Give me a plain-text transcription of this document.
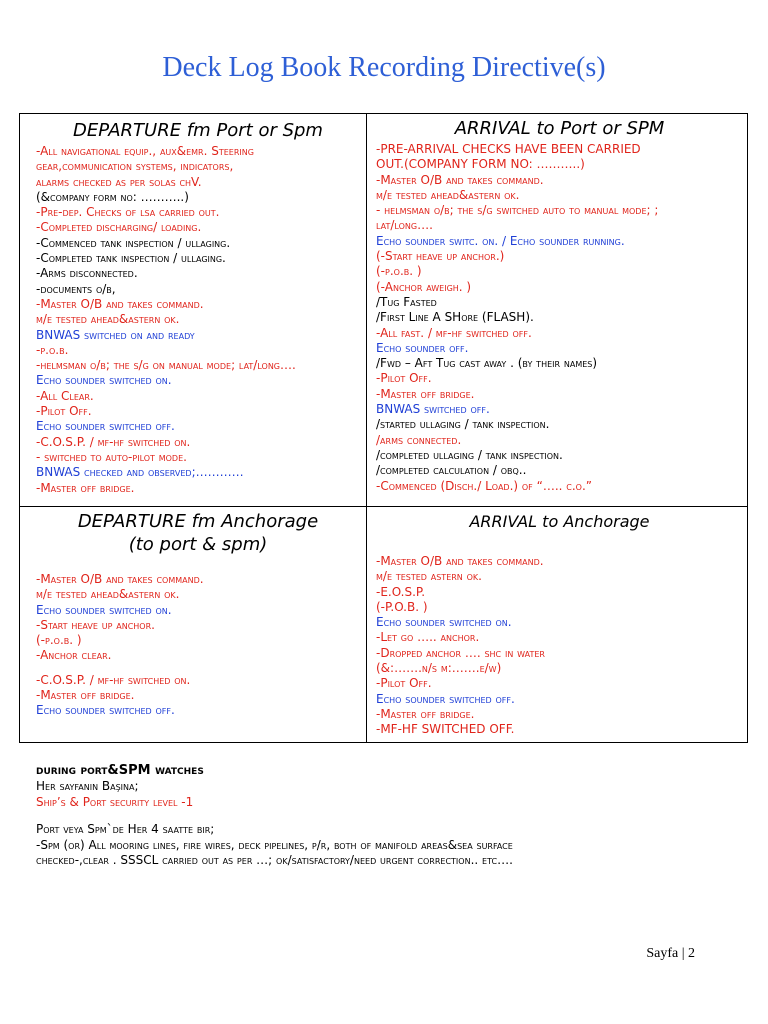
Deck Log Book Recording Directive(s)
DEPARTURE fm Port or Spm
-All navigational equip., aux&emr. Steering
gear,communication systems, indicators,
alarms checked as per solas chV.
(&company form no: ………..)
-Pre-dep. Checks of lsa carried out.
-Completed discharging/ loading.
-Commenced tank inspection / ullaging.
-Completed tank inspection / ullaging.
-Arms disconnected.
-documents o/b,
-Master O/B and takes command.
m/e tested ahead&astern ok.
BNWAS switched on and ready
-p.o.b.
-helmsman o/b; the s/g on manual mode; lat/long….
Echo sounder switched on.
-All Clear.
-Pilot Off.
Echo sounder switched off.
-C.O.S.P. / mf-hf switched on.
- switched to auto-pilot mode.
BNWAS checked and observed;…………
-Master off bridge.
ARRIVAL to Port or SPM
-PRE-ARRIVAL CHECKS HAVE BEEN CARRIED
OUT.(COMPANY FORM NO: ………..)
-Master O/B and takes command.
m/e tested ahead&astern ok.
- helmsman o/b; the s/g switched auto to manual mode; ;
lat/long….
Echo sounder switc. on. / Echo sounder running.
(-Start heave up anchor.)
(-p.o.b. )
(-Anchor aweigh. )
/Tug Fasted
/First Line A SHore (FLASH).
-All fast. / mf-hf switched off.
Echo sounder off.
/Fwd – Aft Tug cast away . (by their names)
-Pilot Off.
-Master off bridge.
BNWAS switched off.
/started ullaging / tank inspection.
/arms connected.
/completed ullaging / tank inspection.
/completed calculation / obq..
-Commenced (Disch./ Load.) of “….. c.o.”
DEPARTURE fm Anchorage
(to port & spm)
-Master O/B and takes command.
m/e tested ahead&astern ok.
Echo sounder switched on.
-Start heave up anchor.
(-p.o.b. )
-Anchor clear.
-C.O.S.P. / mf-hf switched on.
-Master off bridge.
Echo sounder switched off.
ARRIVAL to Anchorage
-Master O/B and takes command.
m/e tested astern ok.
-E.O.S.P.
(-P.O.B. )
Echo sounder switched on.
-Let go ….. anchor.
-Dropped anchor …. shc in water
(&:…….n/s m:…….e/w)
-Pilot Off.
Echo sounder switched off.
-Master off bridge.
-MF-HF SWITCHED OFF.
during port&SPM watches
Her sayfanin Başina;
Ship’s & Port security level -1
Port veya Spm`de Her 4 saatte bir;
-Spm (or) All mooring lines, fire wires, deck pipelines, p/r, both of manifold areas&sea surface
checked-,clear . SSSCL carried out as per …; ok/satisfactory/need urgent correction.. etc….
Sayfa | 2
